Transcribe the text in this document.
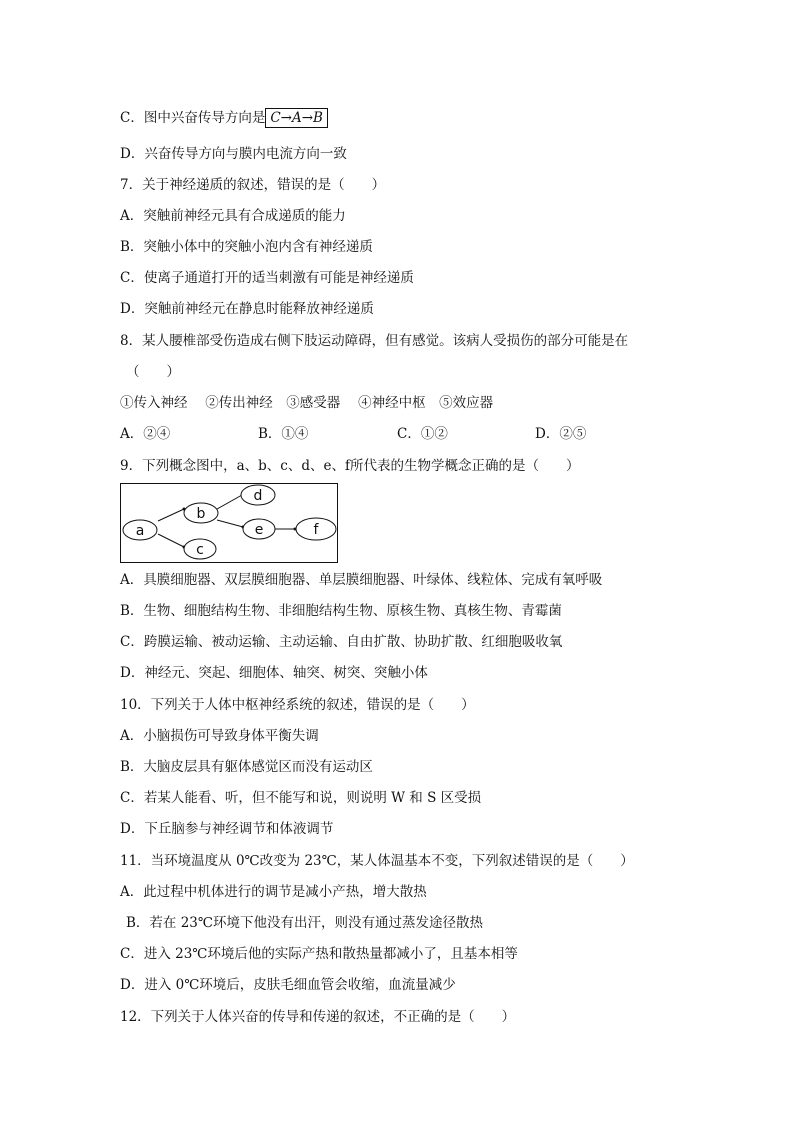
C．图中兴奋传导方向是 C→A→B
D．兴奋传导方向与膜内电流方向一致
7．关于神经递质的叙述，错误的是（　　）
A．突触前神经元具有合成递质的能力
B．突触小体中的突触小泡内含有神经递质
C．使离子通道打开的适当刺激有可能是神经递质
D．突触前神经元在静息时能释放神经递质
8．某人腰椎部受伤造成右侧下肢运动障碍，但有感觉。该病人受损伤的部分可能是在
（　　）
①传入神经　 ②传出神经　③感受器　 ④神经中枢　⑤效应器
A．②④	B．①④	C．①②	D．②⑤
9．下列概念图中，a、b、c、d、e、f所代表的生物学概念正确的是（　　）
a
b
c
d
e	f
A．具膜细胞器、双层膜细胞器、单层膜细胞器、叶绿体、线粒体、完成有氧呼吸
B．生物、细胞结构生物、非细胞结构生物、原核生物、真核生物、青霉菌
C．跨膜运输、被动运输、主动运输、自由扩散、协助扩散、红细胞吸收氧
D．神经元、突起、细胞体、轴突、树突、突触小体
10．下列关于人体中枢神经系统的叙述，错误的是（　　）
A．小脑损伤可导致身体平衡失调
B．大脑皮层具有躯体感觉区而没有运动区
C．若某人能看、听，但不能写和说，则说明 W 和 S 区受损
D．下丘脑参与神经调节和体液调节
11．当环境温度从 0℃改变为 23℃，某人体温基本不变，下列叙述错误的是（　　）
A．此过程中机体进行的调节是减小产热，增大散热
B．若在 23℃环境下他没有出汗，则没有通过蒸发途径散热
C．进入 23℃环境后他的实际产热和散热量都减小了，且基本相等
D．进入 0℃环境后，皮肤毛细血管会收缩，血流量减少
12．下列关于人体兴奋的传导和传递的叙述，不正确的是（　　）
